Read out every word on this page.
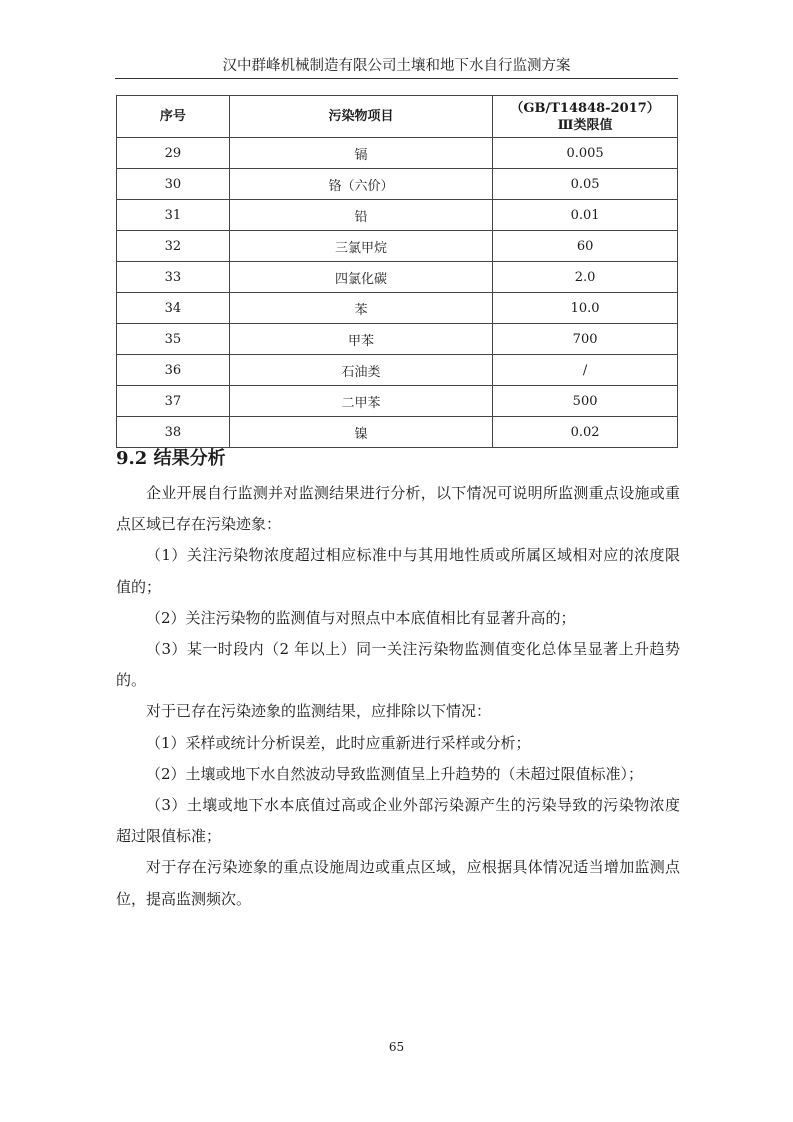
汉中群峰机械制造有限公司土壤和地下水自行监测方案
序号	污染物项目	（GB/T14848-2017）
Ⅲ类限值

29	镉	0.005
30	铬（六价）	0.05
31	铅	0.01
32	三氯甲烷	60
33	四氯化碳	2.0
34	苯	10.0
35	甲苯	700
36	石油类	/
37	二甲苯	500
38	镍	0.02
9.2 结果分析

企业开展自行监测并对监测结果进行分析，以下情况可说明所监测重点设施或重点区域已存在污染迹象：

（1）关注污染物浓度超过相应标准中与其用地性质或所属区域相对应的浓度限值的；

（2）关注污染物的监测值与对照点中本底值相比有显著升高的；

（3）某一时段内（2 年以上）同一关注污染物监测值变化总体呈显著上升趋势的。

对于已存在污染迹象的监测结果，应排除以下情况：

（1）采样或统计分析误差，此时应重新进行采样或分析；

（2）土壤或地下水自然波动导致监测值呈上升趋势的（未超过限值标准）；

（3）土壤或地下水本底值过高或企业外部污染源产生的污染导致的污染物浓度超过限值标准；

对于存在污染迹象的重点设施周边或重点区域，应根据具体情况适当增加监测点位，提高监测频次。

65
